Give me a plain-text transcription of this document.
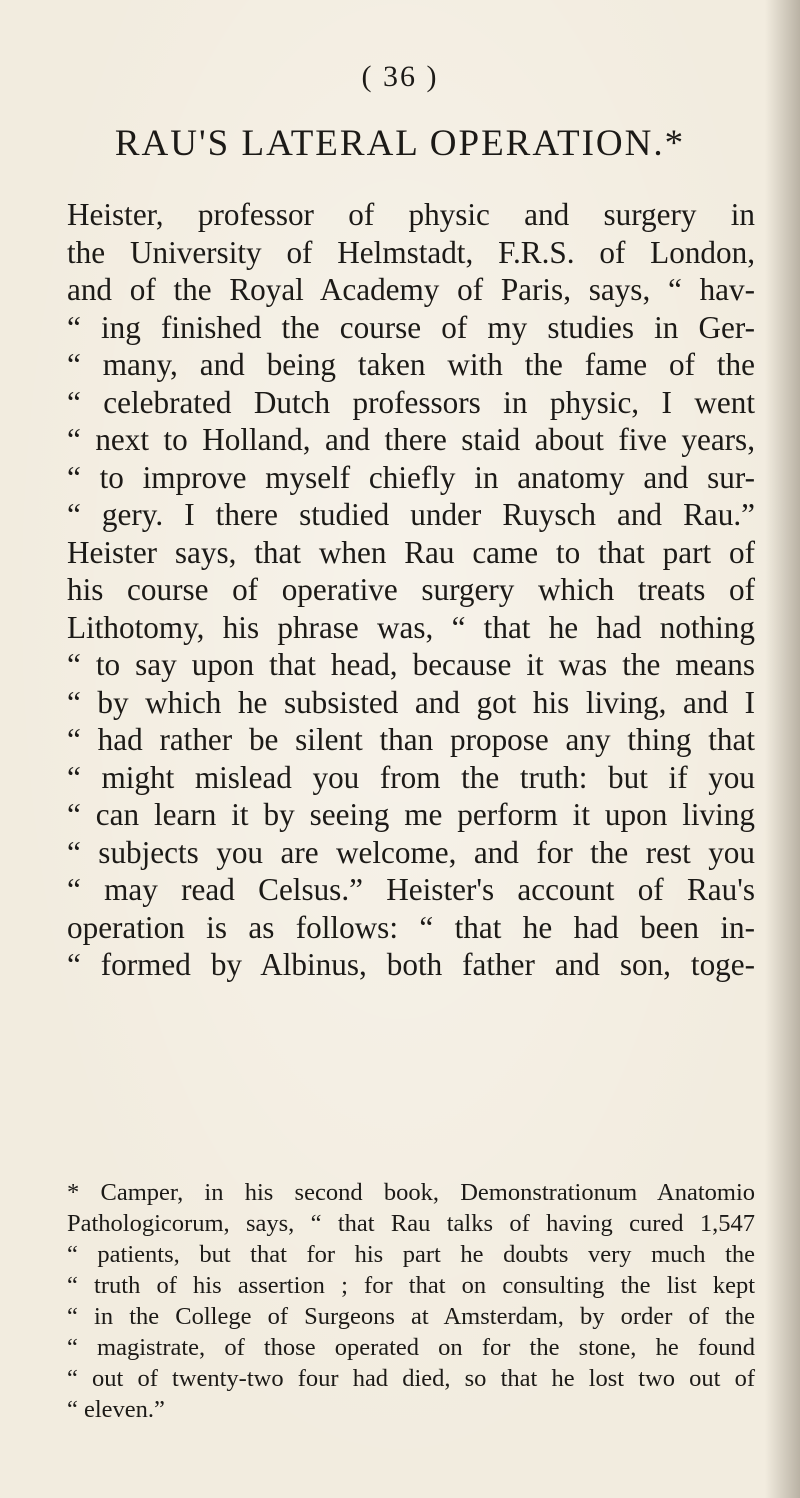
( 36 )
RAU'S LATERAL OPERATION.*
Heister, professor of physic and surgery in
the University of Helmstadt, F.R.S. of London,
and of the Royal Academy of Paris, says, “ hav-
“ ing finished the course of my studies in Ger-
“ many, and being taken with the fame of the
“ celebrated Dutch professors in physic, I went
“ next to Holland, and there staid about five years,
“ to improve myself chiefly in anatomy and sur-
“ gery. I there studied under Ruysch and Rau.”
Heister says, that when Rau came to that part of
his course of operative surgery which treats of
Lithotomy, his phrase was, “ that he had nothing
“ to say upon that head, because it was the means
“ by which he subsisted and got his living, and I
“ had rather be silent than propose any thing that
“ might mislead you from the truth: but if you
“ can learn it by seeing me perform it upon living
“ subjects you are welcome, and for the rest you
“ may read Celsus.” Heister's account of Rau's
operation is as follows: “ that he had been in-
“ formed by Albinus, both father and son, toge-
* Camper, in his second book, Demonstrationum Anatomio
Pathologicorum, says, “ that Rau talks of having cured 1,547
“ patients, but that for his part he doubts very much the
“ truth of his assertion ; for that on consulting the list kept
“ in the College of Surgeons at Amsterdam, by order of the
“ magistrate, of those operated on for the stone, he found
“ out of twenty-two four had died, so that he lost two out of
“ eleven.”
